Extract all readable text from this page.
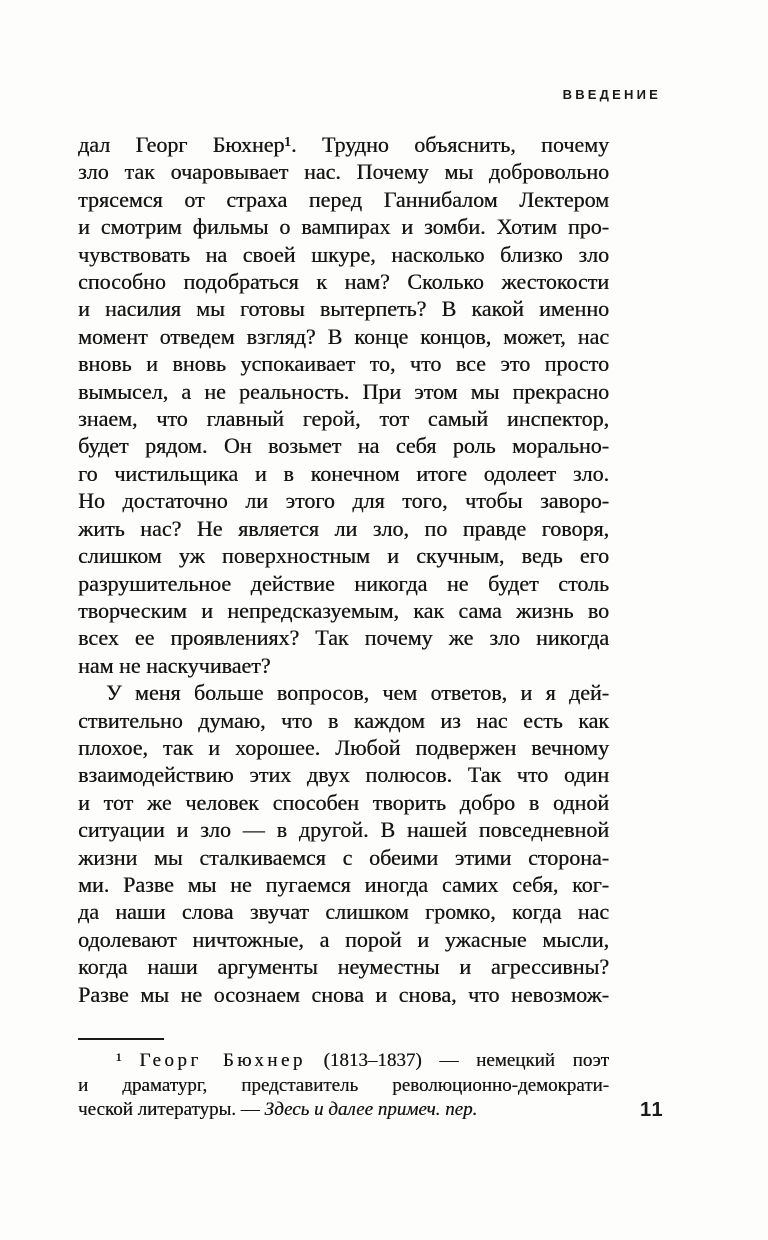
ВВЕДЕНИЕ
дал Георг Бюхнер¹. Трудно объяснить, почему
зло так очаровывает нас. Почему мы добровольно
трясемся от страха перед Ганнибалом Лектером
и смотрим фильмы о вампирах и зомби. Хотим про-
чувствовать на своей шкуре, насколько близко зло
способно подобраться к нам? Сколько жестокости
и насилия мы готовы вытерпеть? В какой именно
момент отведем взгляд? В конце концов, может, нас
вновь и вновь успокаивает то, что все это просто
вымысел, а не реальность. При этом мы прекрасно
знаем, что главный герой, тот самый инспектор,
будет рядом. Он возьмет на себя роль морально-
го чистильщика и в конечном итоге одолеет зло.
Но достаточно ли этого для того, чтобы заворо-
жить нас? Не является ли зло, по правде говоря,
слишком уж поверхностным и скучным, ведь его
разрушительное действие никогда не будет столь
творческим и непредсказуемым, как сама жизнь во
всех ее проявлениях? Так почему же зло никогда
нам не наскучивает?
У меня больше вопросов, чем ответов, и я дей-
ствительно думаю, что в каждом из нас есть как
плохое, так и хорошее. Любой подвержен вечному
взаимодействию этих двух полюсов. Так что один
и тот же человек способен творить добро в одной
ситуации и зло — в другой. В нашей повседневной
жизни мы сталкиваемся с обеими этими сторона-
ми. Разве мы не пугаемся иногда самих себя, ког-
да наши слова звучат слишком громко, когда нас
одолевают ничтожные, а порой и ужасные мысли,
когда наши аргументы неуместны и агрессивны?
Разве мы не осознаем снова и снова, что невозмож-
¹ Георг Бюхнер (1813–1837) — немецкий поэт
и драматург, представитель революционно-демократи-
ческой литературы. — Здесь и далее примеч. пер.	11
